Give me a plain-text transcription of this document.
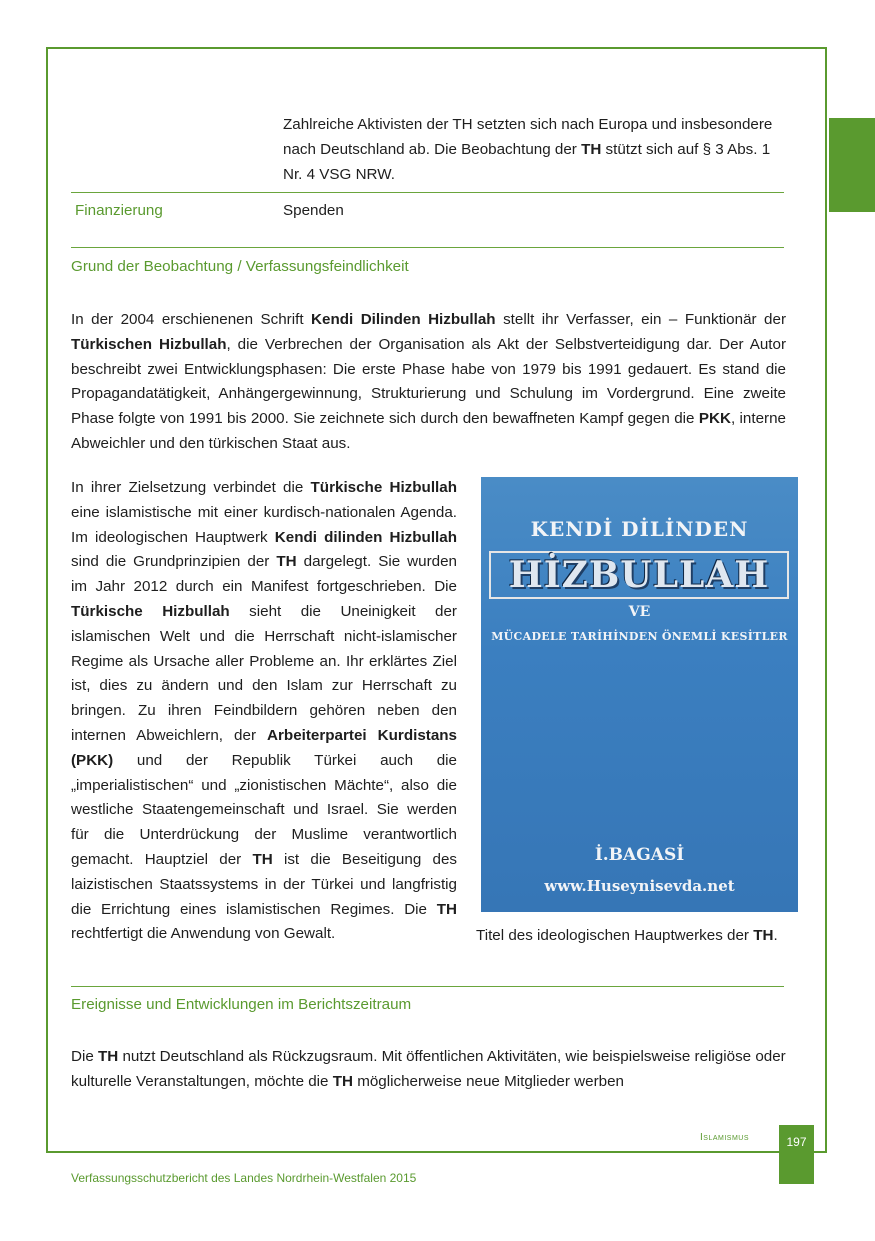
Zahlreiche Aktivisten der TH setzten sich nach Europa und insbesondere nach Deutschland ab. Die Beobachtung der TH stützt sich auf § 3 Abs. 1 Nr. 4 VSG NRW.
Finanzierung	Spenden
Grund der Beobachtung / Verfassungsfeindlichkeit
In der 2004 erschienenen Schrift Kendi Dilinden Hizbullah stellt ihr Verfasser, ein – Funktionär der Türkischen Hizbullah, die Verbrechen der Organisation als Akt der Selbstverteidigung dar. Der Autor beschreibt zwei Entwicklungsphasen: Die erste Phase habe von 1979 bis 1991 gedauert. Es stand die Propagandatätigkeit, Anhängergewinnung, Strukturierung und Schulung im Vordergrund. Eine zweite Phase folgte von 1991 bis 2000. Sie zeichnete sich durch den bewaffneten Kampf gegen die PKK, interne Abweichler und den türkischen Staat aus.
In ihrer Zielsetzung verbindet die Türkische Hizbullah eine islamistische mit einer kurdisch-nationalen Agenda. Im ideologischen Hauptwerk Kendi dilinden Hizbullah sind die Grundprinzipien der TH dargelegt. Sie wurden im Jahr 2012 durch ein Manifest fortgeschrieben. Die Türkische Hizbullah sieht die Uneinigkeit der islamischen Welt und die Herrschaft nicht-islamischer Regime als Ursache aller Probleme an. Ihr erklärtes Ziel ist, dies zu ändern und den Islam zur Herrschaft zu bringen. Zu ihren Feindbildern gehören neben den internen Abweichlern, der Arbeiterpartei Kurdistans (PKK) und der Republik Türkei auch die „imperialistischen“ und „zionistischen Mächte“, also die westliche Staatengemeinschaft und Israel. Sie werden für die Unterdrückung der Muslime verantwortlich gemacht. Hauptziel der TH ist die Beseitigung des laizistischen Staatssystems in der Türkei und langfristig die Errichtung eines islamistischen Regimes. Die TH rechtfertigt die Anwendung von Gewalt.
KENDİ DİLİNDEN
HİZBULLAH
VE
MÜCADELE TARİHİNDEN ÖNEMLİ KESİTLER
İ.BAGASİ
www.Huseynisevda.net
Titel des ideologischen Hauptwerkes der TH.
Ereignisse und Entwicklungen im Berichtszeitraum
Die TH nutzt Deutschland als Rückzugsraum. Mit öffentlichen Aktivitäten, wie beispielsweise religiöse oder kulturelle Veranstaltungen, möchte die TH möglicherweise neue Mitglieder werben
Islamismus	197
Verfassungsschutzbericht des Landes Nordrhein-Westfalen 2015
